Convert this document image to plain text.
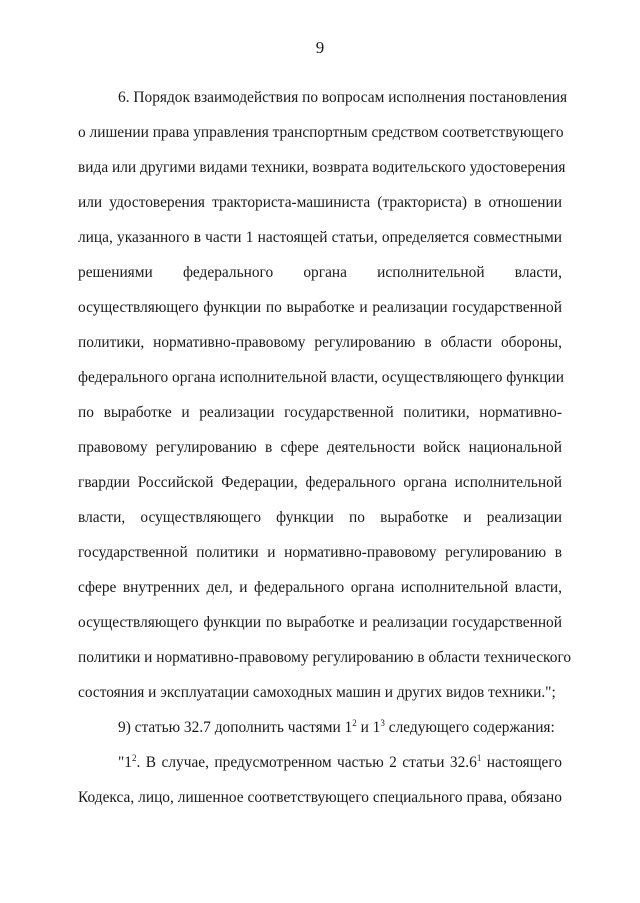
9
6. Порядок взаимодействия по вопросам исполнения постановления
о лишении права управления транспортным средством соответствующего
вида или другими видами техники, возврата водительского удостоверения
или удостоверения тракториста-машиниста (тракториста) в отношении
лица, указанного в части 1 настоящей статьи, определяется совместными
решениями федерального органа исполнительной власти,
осуществляющего функции по выработке и реализации государственной
политики, нормативно-правовому регулированию в области обороны,
федерального органа исполнительной власти, осуществляющего функции
по выработке и реализации государственной политики, нормативно-
правовому регулированию в сфере деятельности войск национальной
гвардии Российской Федерации, федерального органа исполнительной
власти, осуществляющего функции по выработке и реализации
государственной политики и нормативно-правовому регулированию в
сфере внутренних дел, и федерального органа исполнительной власти,
осуществляющего функции по выработке и реализации государственной
политики и нормативно-правовому регулированию в области технического
состояния и эксплуатации самоходных машин и других видов техники.";
9) статью 32.7 дополнить частями $1^2$ и $1^3$ следующего содержания:
"$1^2$. В случае, предусмотренном частью 2 статьи 32.6$^1$ настоящего
Кодекса, лицо, лишенное соответствующего специального права, обязано
